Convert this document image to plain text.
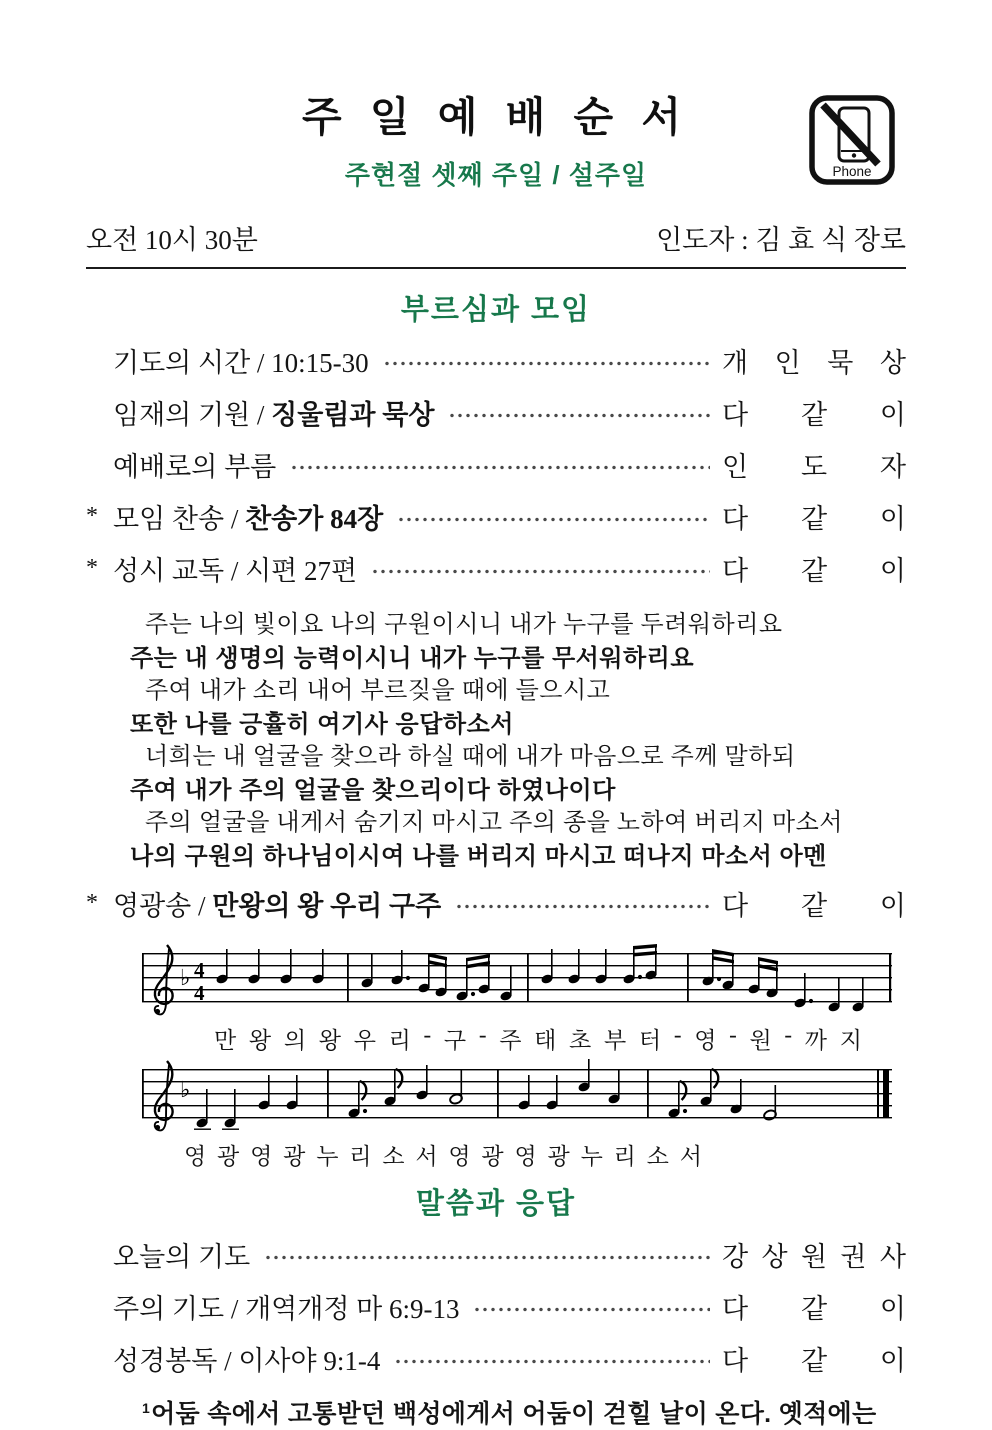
주 일 예 배 순 서
주현절 셋째 주일 / 설주일	Phone
오전 10시 30분	인도자 : 김 효 식 장로
부르심과 모임
기도의 시간 / 10:15-30	개 인 묵 상
임재의 기원 / 징울림과 묵상	다 같 이
예배로의 부름	인 도 자
* 모임 찬송 / 찬송가 84장	다 같 이
* 성시 교독 / 시편 27편	다 같 이
주는 나의 빛이요 나의 구원이시니 내가 누구를 두려워하리요
주는 내 생명의 능력이시니 내가 누구를 무서워하리요
주여 내가 소리 내어 부르짖을 때에 들으시고
또한 나를 긍휼히 여기사 응답하소서
너희는 내 얼굴을 찾으라 하실 때에 내가 마음으로 주께 말하되
주여 내가 주의 얼굴을 찾으리이다 하였나이다
주의 얼굴을 내게서 숨기지 마시고 주의 종을 노하여 버리지 마소서
나의 구원의 하나님이시여 나를 버리지 마시고 떠나지 마소서 아멘
* 영광송 / 만왕의 왕 우리 구주	다 같 이
♭ 4
4
만 왕 의 왕 우 리 - 구 - 주 태 초 부 터 - 영 - 원 - 까 지
♭
영 광 영 광 누 리 소 서 영 광 영 광 누 리 소 서
말씀과 응답
오늘의 기도	강 상 원 권 사
주의 기도 / 개역개정 마 6:9-13	다 같 이
성경봉독 / 이사야 9:1-4	다 같 이
$^1$어둠 속에서 고통받던 백성에게서 어둠이 걷힐 날이 온다. 옛적에는
